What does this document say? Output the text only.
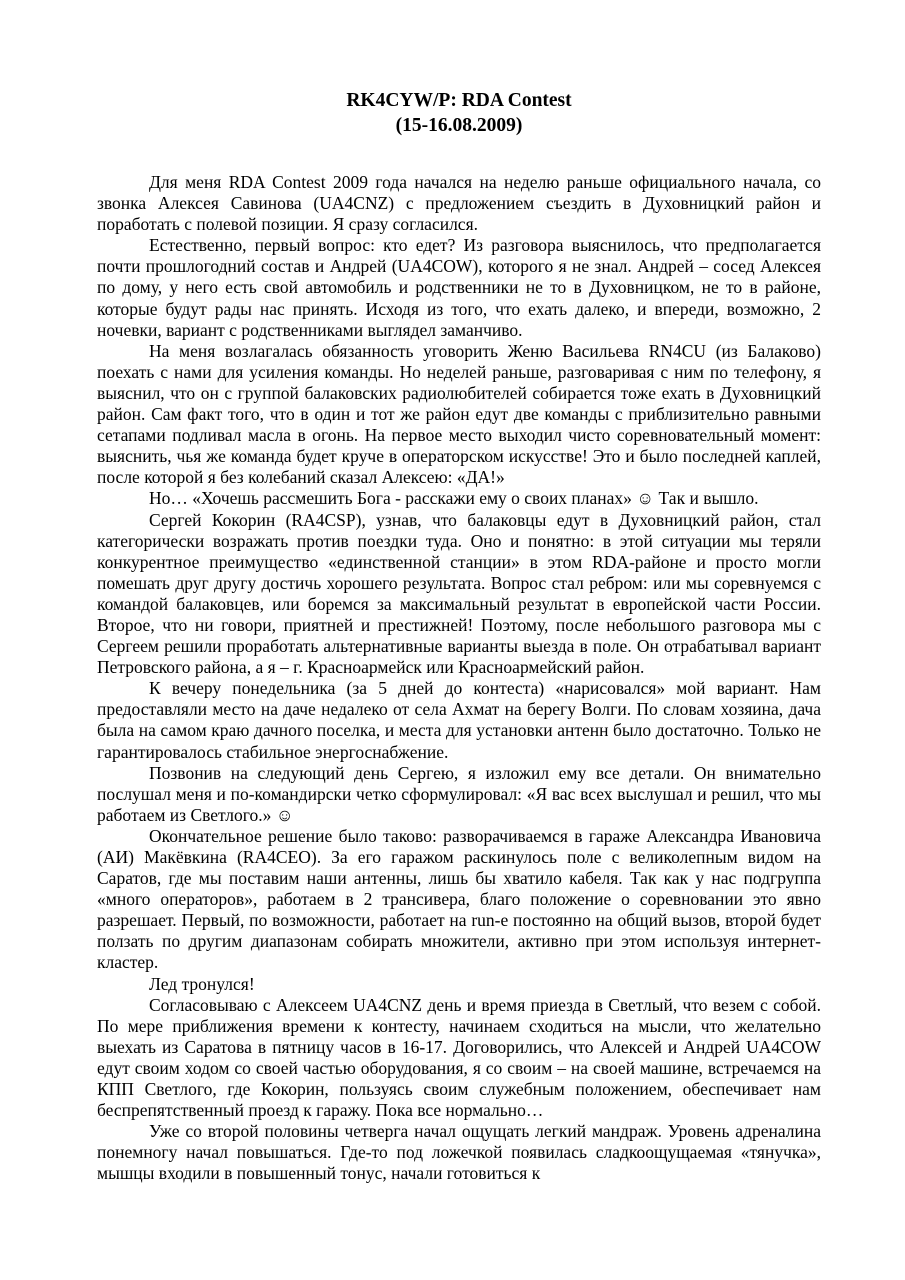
RK4CYW/P: RDA Contest
(15-16.08.2009)

Для меня RDA Contest 2009 года начался на неделю раньше официального начала, со звонка Алексея Савинова (UA4CNZ) с предложением съездить в Духовницкий район и поработать с полевой позиции. Я сразу согласился.

Естественно, первый вопрос: кто едет? Из разговора выяснилось, что предполагается почти прошлогодний состав и Андрей (UA4COW), которого я не знал. Андрей – сосед Алексея по дому, у него есть свой автомобиль и родственники не то в Духовницком, не то в районе, которые будут рады нас принять. Исходя из того, что ехать далеко, и впереди, возможно, 2 ночевки, вариант с родственниками выглядел заманчиво.

На меня возлагалась обязанность уговорить Женю Васильева RN4CU (из Балаково) поехать с нами для усиления команды. Но неделей раньше, разговаривая с ним по телефону, я выяснил, что он с группой балаковских радиолюбителей собирается тоже ехать в Духовницкий район. Сам факт того, что в один и тот же район едут две команды с приблизительно равными сетапами подливал масла в огонь. На первое место выходил чисто соревновательный момент: выяснить, чья же команда будет круче в операторском искусстве! Это и было последней каплей, после которой я без колебаний сказал Алексею: «ДА!»

Но… «Хочешь рассмешить Бога - расскажи ему о своих планах» ☺ Так и вышло.

Сергей Кокорин (RA4CSP), узнав, что балаковцы едут в Духовницкий район, стал категорически возражать против поездки туда. Оно и понятно: в этой ситуации мы теряли конкурентное преимущество «единственной станции» в этом RDA-районе и просто могли помешать друг другу достичь хорошего результата. Вопрос стал ребром: или мы соревнуемся с командой балаковцев, или боремся за максимальный результат в европейской части России. Второе, что ни говори, приятней и престижней! Поэтому, после небольшого разговора мы с Сергеем решили проработать альтернативные варианты выезда в поле. Он отрабатывал вариант Петровского района, а я – г. Красноармейск или Красноармейский район.

К вечеру понедельника (за 5 дней до контеста) «нарисовался» мой вариант. Нам предоставляли место на даче недалеко от села Ахмат на берегу Волги. По словам хозяина, дача была на самом краю дачного поселка, и места для установки антенн было достаточно. Только не гарантировалось стабильное энергоснабжение.

Позвонив на следующий день Сергею, я изложил ему все детали. Он внимательно послушал меня и по-командирски четко сформулировал: «Я вас всех выслушал и решил, что мы работаем из Светлого.» ☺

Окончательное решение было таково: разворачиваемся в гараже Александра Ивановича (АИ) Макёвкина (RA4CEO). За его гаражом раскинулось поле с великолепным видом на Саратов, где мы поставим наши антенны, лишь бы хватило кабеля. Так как у нас подгруппа «много операторов», работаем в 2 трансивера, благо положение о соревновании это явно разрешает. Первый, по возможности, работает на run-е постоянно на общий вызов, второй будет ползать по другим диапазонам собирать множители, активно при этом используя интернет-кластер.

Лед тронулся!

Согласовываю с Алексеем UA4CNZ день и время приезда в Светлый, что везем с собой. По мере приближения времени к контесту, начинаем сходиться на мысли, что желательно выехать из Саратова в пятницу часов в 16-17. Договорились, что Алексей и Андрей UA4COW едут своим ходом со своей частью оборудования, я со своим – на своей машине, встречаемся на КПП Светлого, где Кокорин, пользуясь своим служебным положением, обеспечивает нам беспрепятственный проезд к гаражу. Пока все нормально…

Уже со второй половины четверга начал ощущать легкий мандраж. Уровень адреналина понемногу начал повышаться. Где-то под ложечкой появилась сладкоощущаемая «тянучка», мышцы входили в повышенный тонус, начали готовиться к
